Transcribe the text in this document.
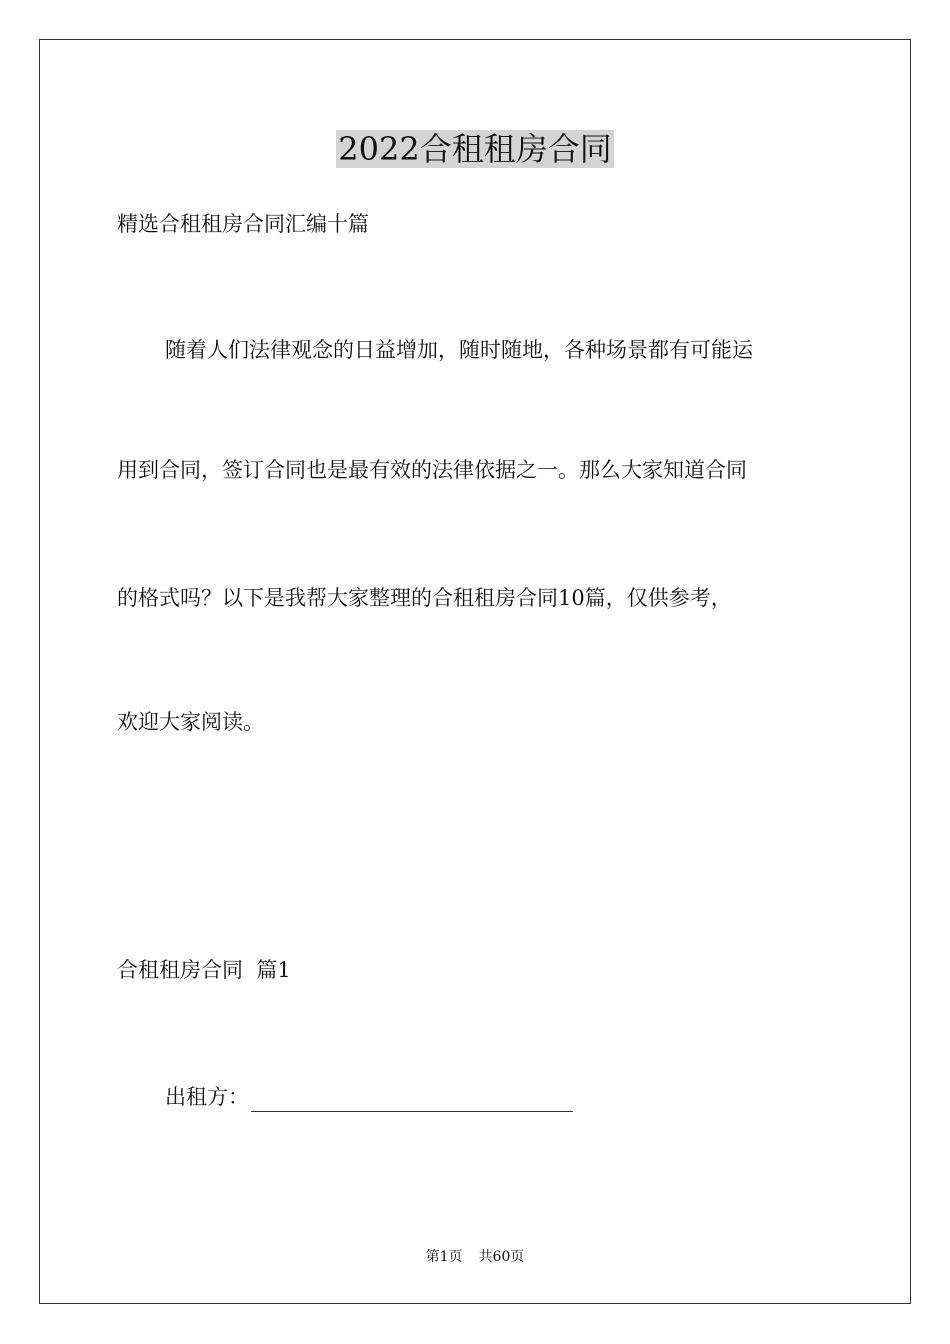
2022合租租房合同
精选合租租房合同汇编十篇
随着人们法律观念的日益增加，随时随地，各种场景都有可能运
用到合同，签订合同也是最有效的法律依据之一。那么大家知道合同
的格式吗？以下是我帮大家整理的合租租房合同10篇，仅供参考，
欢迎大家阅读。
合租租房合同  篇1
出租方：
第1页 共60页
